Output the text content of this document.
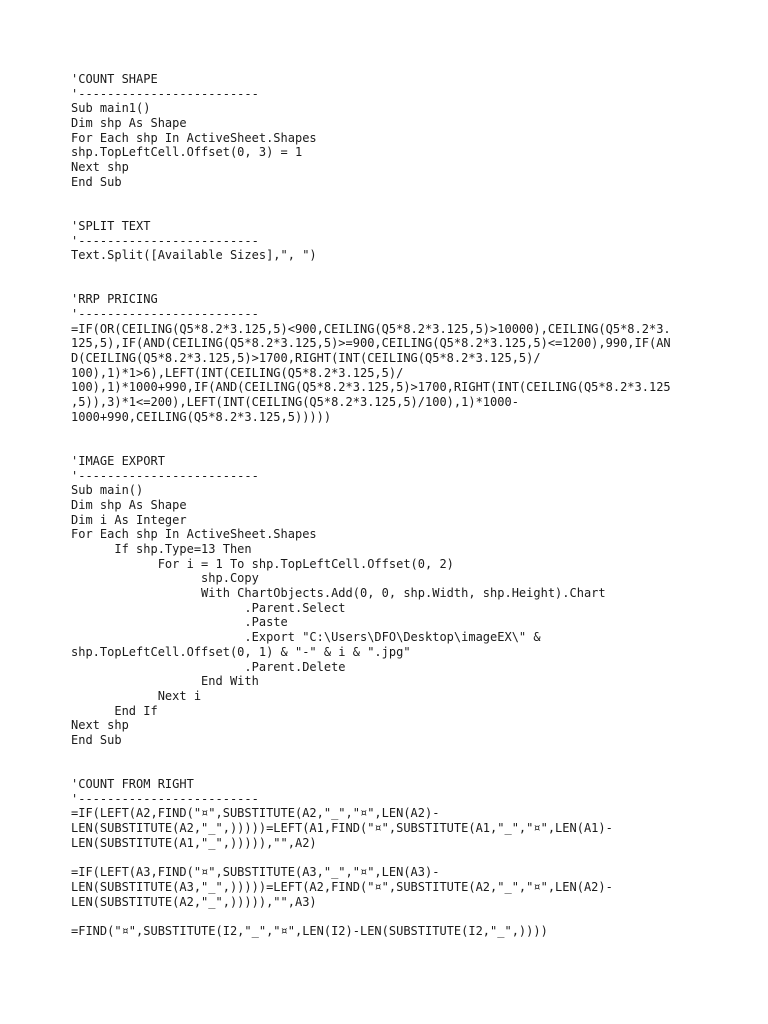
'COUNT SHAPE
'-------------------------
Sub main1()
Dim shp As Shape
For Each shp In ActiveSheet.Shapes
shp.TopLeftCell.Offset(0, 3) = 1
Next shp
End Sub
'SPLIT TEXT
'-------------------------
Text.Split([Available Sizes],", ")
'RRP PRICING
'-------------------------
=IF(OR(CEILING(Q5*8.2*3.125,5)<900,CEILING(Q5*8.2*3.125,5)>10000),CEILING(Q5*8.2*3.
125,5),IF(AND(CEILING(Q5*8.2*3.125,5)>=900,CEILING(Q5*8.2*3.125,5)<=1200),990,IF(AN
D(CEILING(Q5*8.2*3.125,5)>1700,RIGHT(INT(CEILING(Q5*8.2*3.125,5)/
100),1)*1>6),LEFT(INT(CEILING(Q5*8.2*3.125,5)/
100),1)*1000+990,IF(AND(CEILING(Q5*8.2*3.125,5)>1700,RIGHT(INT(CEILING(Q5*8.2*3.125
,5)),3)*1<=200),LEFT(INT(CEILING(Q5*8.2*3.125,5)/100),1)*1000-
1000+990,CEILING(Q5*8.2*3.125,5)))))
'IMAGE EXPORT
'-------------------------
Sub main()
Dim shp As Shape
Dim i As Integer
For Each shp In ActiveSheet.Shapes
If shp.Type=13 Then
For i = 1 To shp.TopLeftCell.Offset(0, 2)
shp.Copy
With ChartObjects.Add(0, 0, shp.Width, shp.Height).Chart
.Parent.Select
.Paste
.Export "C:\Users\DFO\Desktop\imageEX\" &
shp.TopLeftCell.Offset(0, 1) & "-" & i & ".jpg"
.Parent.Delete
End With
Next i
End If
Next shp
End Sub
'COUNT FROM RIGHT
'-------------------------
=IF(LEFT(A2,FIND("¤",SUBSTITUTE(A2,"_","¤",LEN(A2)-
LEN(SUBSTITUTE(A2,"_",)))))=LEFT(A1,FIND("¤",SUBSTITUTE(A1,"_","¤",LEN(A1)-
LEN(SUBSTITUTE(A1,"_",))))),"",A2)
=IF(LEFT(A3,FIND("¤",SUBSTITUTE(A3,"_","¤",LEN(A3)-
LEN(SUBSTITUTE(A3,"_",)))))=LEFT(A2,FIND("¤",SUBSTITUTE(A2,"_","¤",LEN(A2)-
LEN(SUBSTITUTE(A2,"_",))))),"",A3)
=FIND("¤",SUBSTITUTE(I2,"_","¤",LEN(I2)-LEN(SUBSTITUTE(I2,"_",))))
